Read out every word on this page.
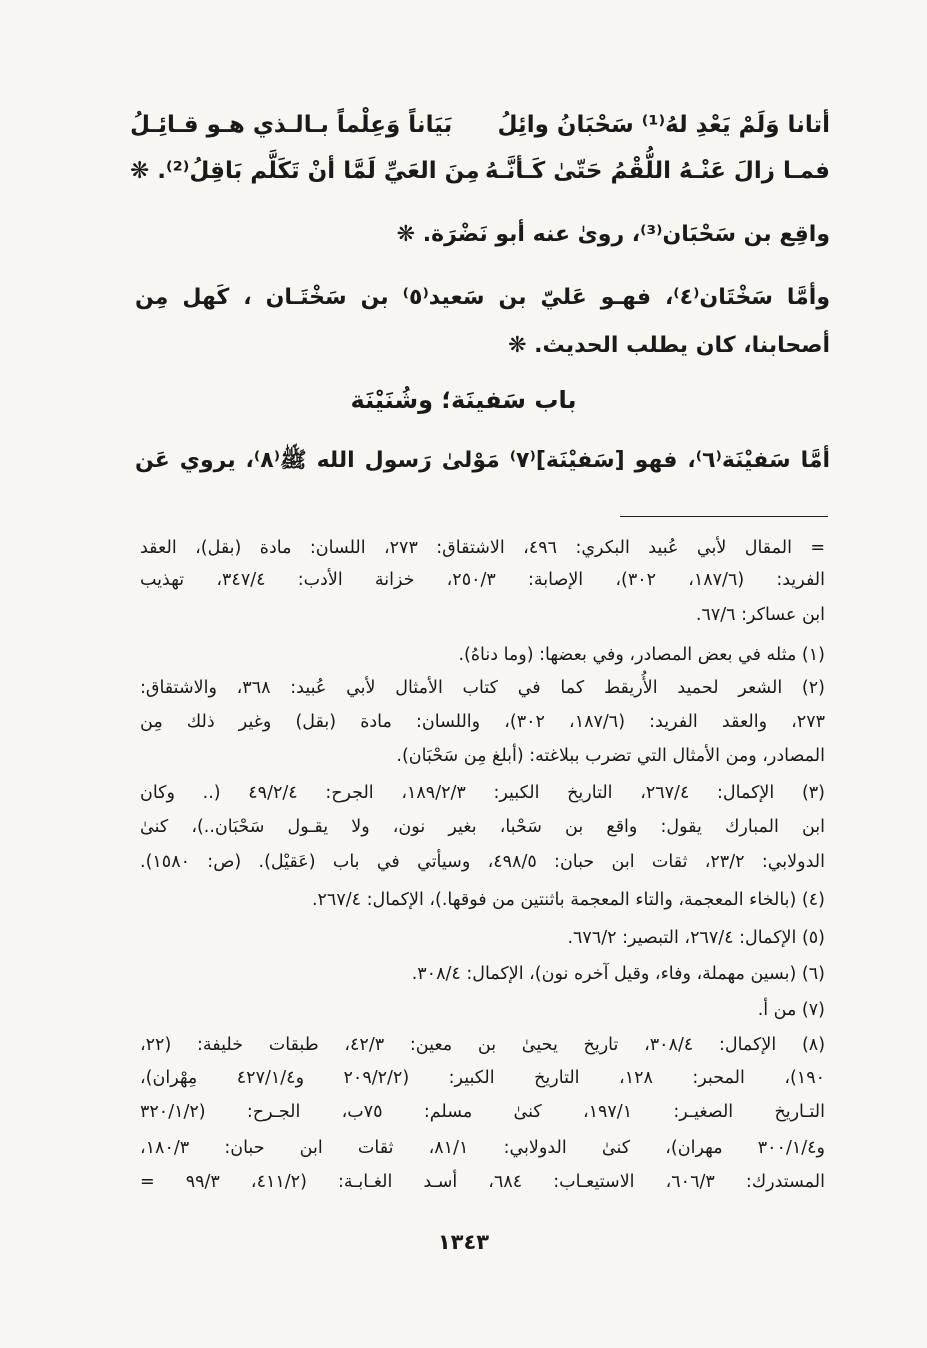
أتانا وَلَمْ يَعْدِ لهُ⁽¹⁾ سَحْبَانُ وائِلُ
بَيَاناً وَعِلْماً بـالـذي هـو قـائِـلُ
فمـا زالَ عَنْـهُ اللُّقْمُ حَتّىٰ كَـأنَّـهُ
مِنَ العَيِّ لَمَّا أنْ تَكَلَّم بَاقِلُ⁽²⁾. ❋
واقِع بن سَحْبَان⁽³⁾، روىٰ عنه أبو نَضْرَة. ❋
وأمَّا سَخْتَان⁽٤⁾، فهـو عَليّ بن سَعيد⁽٥⁾ بن سَخْتَـان ، كَهل مِن
أصحابنا، كان يطلب الحديث. ❋
باب سَفينَة؛ وشُنَيْنَة
أمَّا سَفيْنَة⁽٦⁾، فهو [سَفيْنَة]⁽٧⁾ مَوْلىٰ رَسول الله ﷺ⁽٨⁾، يروي عَن
= المقال لأبي عُبيد البكري: ٤٩٦، الاشتقاق: ٢٧٣، اللسان: مادة (بقل)، العقد
الفريد: (١٨٧/٦، ٣٠٢)، الإصابة: ٢٥٠/٣، خزانة الأدب: ٣٤٧/٤، تهذيب
ابن عساكر: ٦٧/٦.
(١) مثله في بعض المصادر، وفي بعضها: (وما دناهُ).
(٢) الشعر لحميد الأُريقط كما في كتاب الأمثال لأبي عُبيد: ٣٦٨، والاشتقاق:
٢٧٣، والعقد الفريد: (١٨٧/٦، ٣٠٢)، واللسان: مادة (بقل) وغير ذلك مِن
المصادر، ومن الأمثال التي تضرب ببلاغته: (أبلغ مِن سَحْبَان).
(٣) الإكمال: ٢٦٧/٤، التاريخ الكبير: ١٨٩/٢/٣، الجرح: ٤٩/٢/٤ (.. وكان
ابن المبارك يقول: واقع بن سَحْبا، بغير نون، ولا يقـول سَحْبَان..)، كنىٰ
الدولابي: ٢٣/٢، ثقات ابن حبان: ٤٩٨/٥، وسيأتي في باب (عَقيْل). (ص: ١٥٨٠).
(٤) (بالخاء المعجمة، والتاء المعجمة باثنتين من فوقها.)، الإكمال: ٢٦٧/٤.
(٥) الإكمال: ٢٦٧/٤، التبصير: ٦٧٦/٢.
(٦) (بسين مهملة، وفاء، وقيل آخره نون)، الإكمال: ٣٠٨/٤.
(٧) من أ.
(٨) الإكمال: ٣٠٨/٤، تاريخ يحيىٰ بن معين: ٤٢/٣، طبقات خليفة: (٢٢،
١٩٠)، المحبر: ١٢٨، التاريخ الكبير: (٢٠٩/٢/٢ و٤٢٧/١/٤ مِهْران)،
التـاريخ الصغيـر: ١٩٧/١، كنىٰ مسلم: ٧٥ب، الجـرح: (٣٢٠/١/٢
و٣٠٠/١/٤ مهران)، كنىٰ الدولابي: ٨١/١، ثقات ابن حبان: ١٨٠/٣،
المستدرك: ٦٠٦/٣، الاستيعـاب: ٦٨٤، أسـد الغـابـة: (٤١١/٢، ٩٩/٣ =
١٣٤٣
